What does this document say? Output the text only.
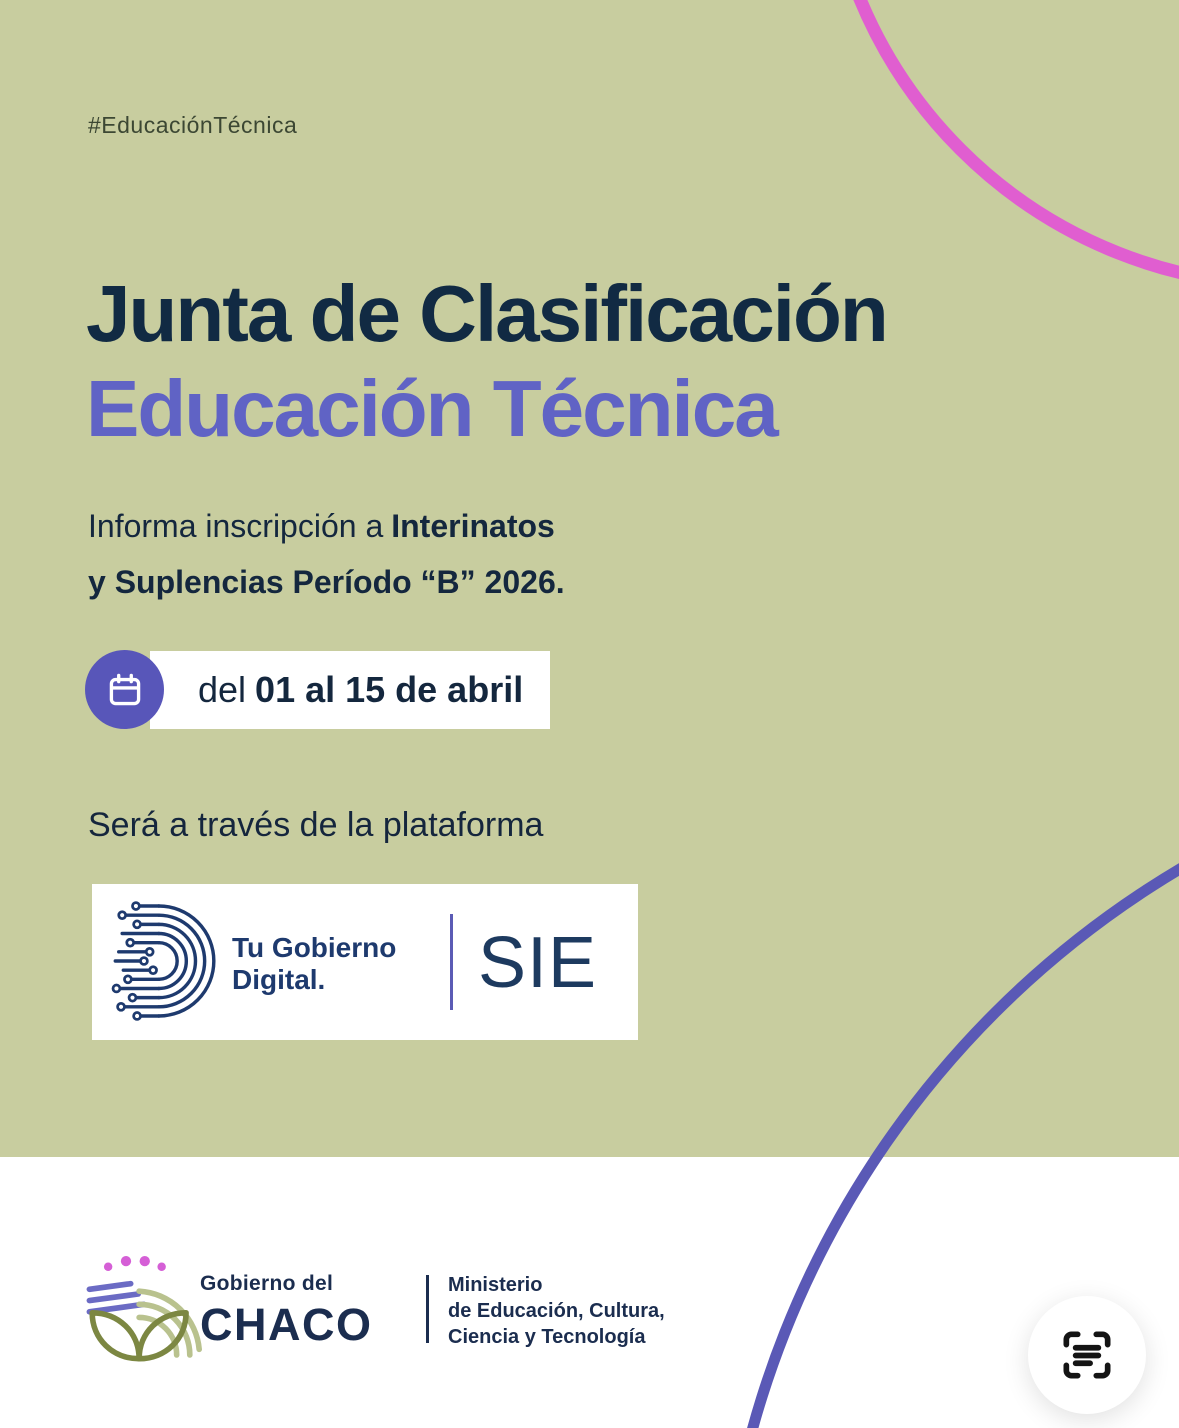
#EducaciónTécnica
Junta de Clasificación
Educación Técnica
Informa inscripción a Interinatos
y Suplencias Período “B” 2026.
del 01 al 15 de abril
Será a través de la plataforma
Tu Gobierno
Digital.	SIE
Gobierno del
CHACO
Ministerio
de Educación, Cultura,
Ciencia y Tecnología
